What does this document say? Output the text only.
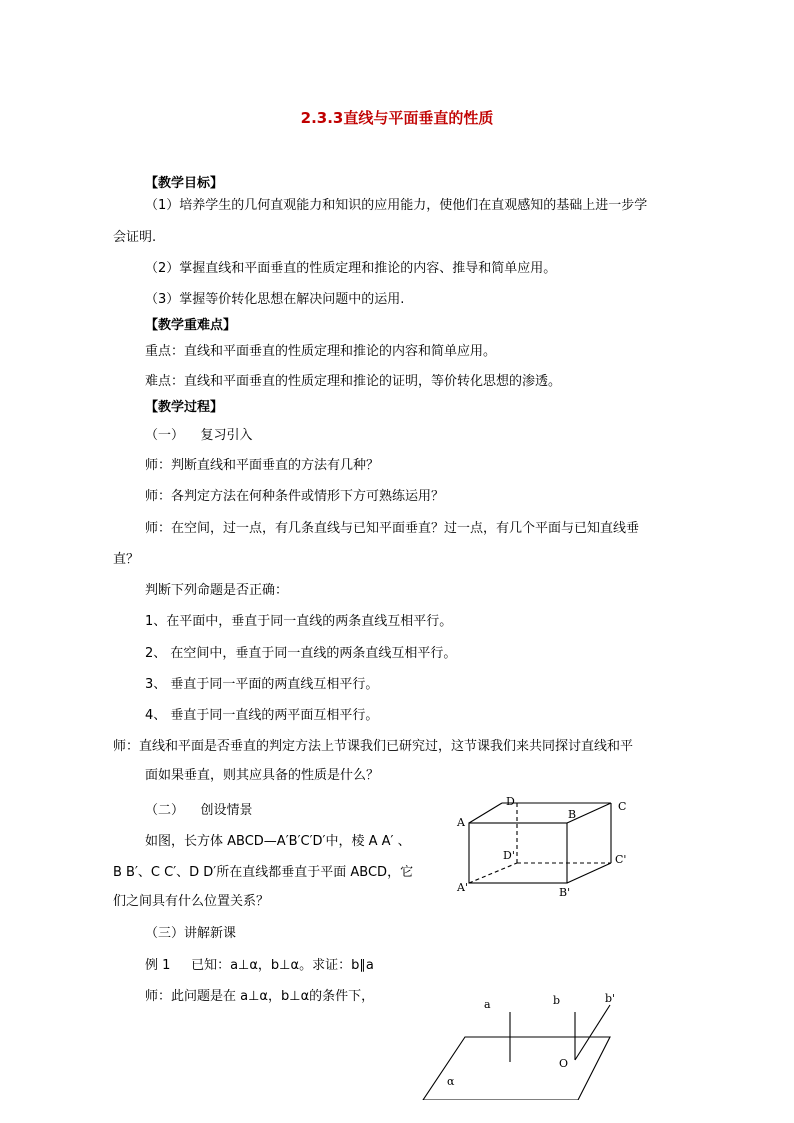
2.3.3直线与平面垂直的性质
【教学目标】
（1）培养学生的几何直观能力和知识的应用能力，使他们在直观感知的基础上进一步学
会证明.
（2）掌握直线和平面垂直的性质定理和推论的内容、推导和简单应用。
（3）掌握等价转化思想在解决问题中的运用.
【教学重难点】
重点：直线和平面垂直的性质定理和推论的内容和简单应用。
难点：直线和平面垂直的性质定理和推论的证明，等价转化思想的渗透。
【教学过程】
（一）    复习引入
师：判断直线和平面垂直的方法有几种？
师：各判定方法在何种条件或情形下方可熟练运用？
师：在空间，过一点，有几条直线与已知平面垂直？过一点，有几个平面与已知直线垂
直？
判断下列命题是否正确：
1、在平面中，垂直于同一直线的两条直线互相平行。
2、 在空间中，垂直于同一直线的两条直线互相平行。
3、 垂直于同一平面的两直线互相平行。
4、 垂直于同一直线的两平面互相平行。
师：直线和平面是否垂直的判定方法上节课我们已研究过，这节课我们来共同探讨直线和平
面如果垂直，则其应具备的性质是什么？
（二）    创设情景
如图，长方体 ABCD—A′B′C′D′中，棱 A A′ 、
B B′、C C′、D D′所在直线都垂直于平面 ABCD，它
们之间具有什么位置关系？
（三）讲解新课
例 1     已知：a⊥α，b⊥α。求证：b∥a
师：此问题是在 a⊥α，b⊥α的条件下，
D
B
C
A
D'	C'
A'	B'
a	b	b'
O
α
